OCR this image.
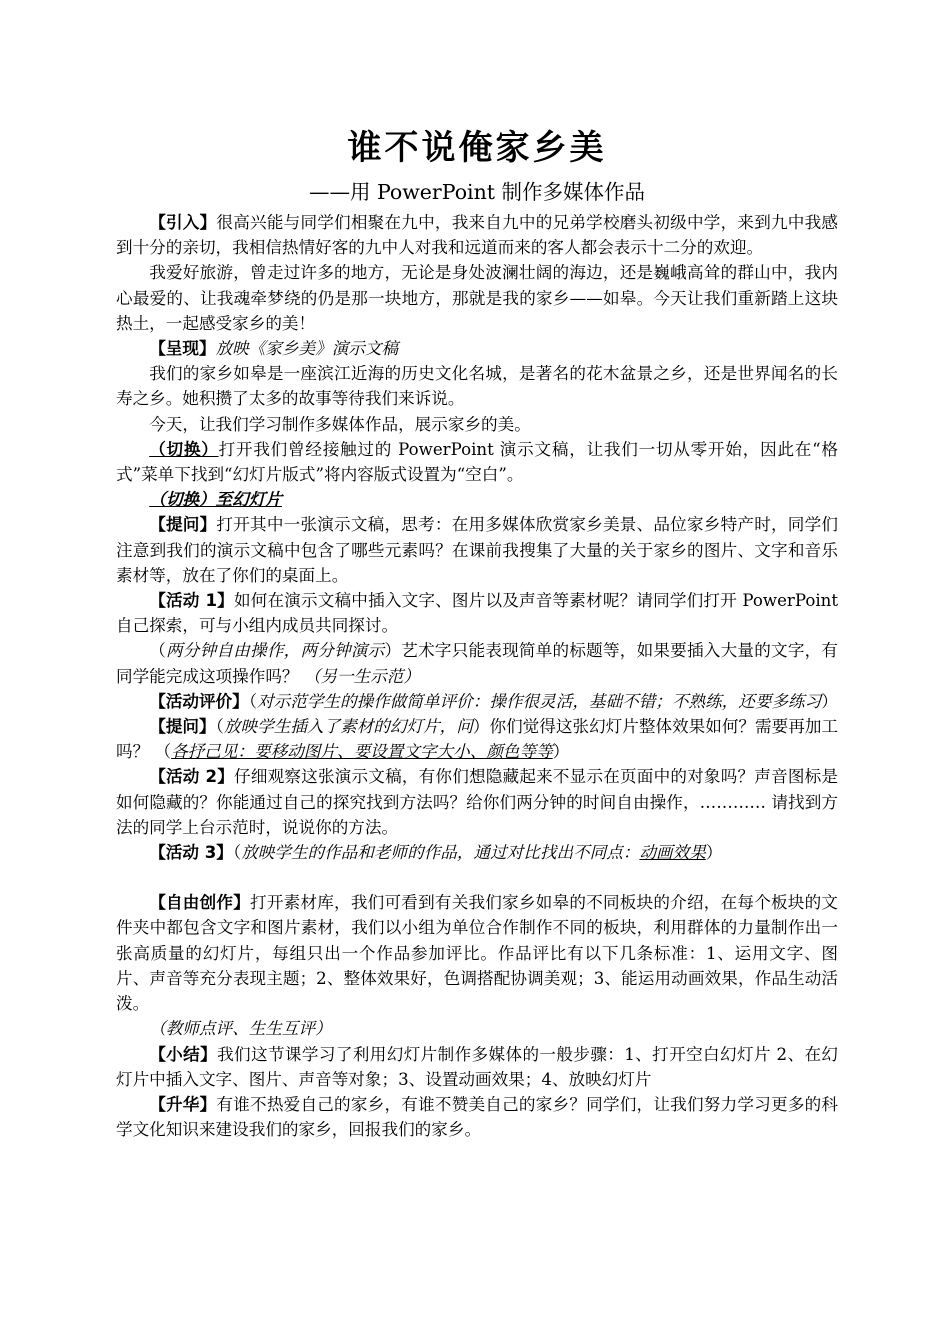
谁不说俺家乡美
——用 PowerPoint 制作多媒体作品

【引入】很高兴能与同学们相聚在九中，我来自九中的兄弟学校磨头初级中学，来到九中我感到十分的亲切，我相信热情好客的九中人对我和远道而来的客人都会表示十二分的欢迎。

我爱好旅游，曾走过许多的地方，无论是身处波澜壮阔的海边，还是巍峨高耸的群山中，我内心最爱的、让我魂牵梦绕的仍是那一块地方，那就是我的家乡——如皋。今天让我们重新踏上这块热土，一起感受家乡的美！

【呈现】放映《家乡美》演示文稿

我们的家乡如皋是一座滨江近海的历史文化名城，是著名的花木盆景之乡，还是世界闻名的长寿之乡。她积攒了太多的故事等待我们来诉说。

今天，让我们学习制作多媒体作品，展示家乡的美。

（切换）打开我们曾经接触过的 PowerPoint 演示文稿，让我们一切从零开始，因此在“格式”菜单下找到“幻灯片版式”将内容版式设置为“空白”。

（切换）至幻灯片

【提问】打开其中一张演示文稿，思考：在用多媒体欣赏家乡美景、品位家乡特产时，同学们注意到我们的演示文稿中包含了哪些元素吗？在课前我搜集了大量的关于家乡的图片、文字和音乐素材等，放在了你们的桌面上。

【活动 1】如何在演示文稿中插入文字、图片以及声音等素材呢？请同学们打开 PowerPoint 自己探索，可与小组内成员共同探讨。

（两分钟自由操作，两分钟演示）艺术字只能表现简单的标题等，如果要插入大量的文字，有同学能完成这项操作吗？ （另一生示范）

【活动评价】（对示范学生的操作做简单评价：操作很灵活，基础不错；不熟练，还要多练习）

【提问】（放映学生插入了素材的幻灯片，问）你们觉得这张幻灯片整体效果如何？需要再加工吗？ （各抒己见：要移动图片、要设置文字大小、颜色等等）

【活动 2】仔细观察这张演示文稿，有你们想隐藏起来不显示在页面中的对象吗？声音图标是如何隐藏的？你能通过自己的探究找到方法吗？给你们两分钟的时间自由操作，………… 请找到方法的同学上台示范时，说说你的方法。

【活动 3】（放映学生的作品和老师的作品，通过对比找出不同点：动画效果）

【自由创作】打开素材库，我们可看到有关我们家乡如皋的不同板块的介绍，在每个板块的文件夹中都包含文字和图片素材，我们以小组为单位合作制作不同的板块，利用群体的力量制作出一张高质量的幻灯片，每组只出一个作品参加评比。作品评比有以下几条标准：1、运用文字、图片、声音等充分表现主题；2、整体效果好，色调搭配协调美观；3、能运用动画效果，作品生动活泼。

（教师点评、生生互评）

【小结】我们这节课学习了利用幻灯片制作多媒体的一般步骤：1、打开空白幻灯片 2、在幻灯片中插入文字、图片、声音等对象；3、设置动画效果；4、放映幻灯片

【升华】有谁不热爱自己的家乡，有谁不赞美自己的家乡？同学们，让我们努力学习更多的科学文化知识来建设我们的家乡，回报我们的家乡。
